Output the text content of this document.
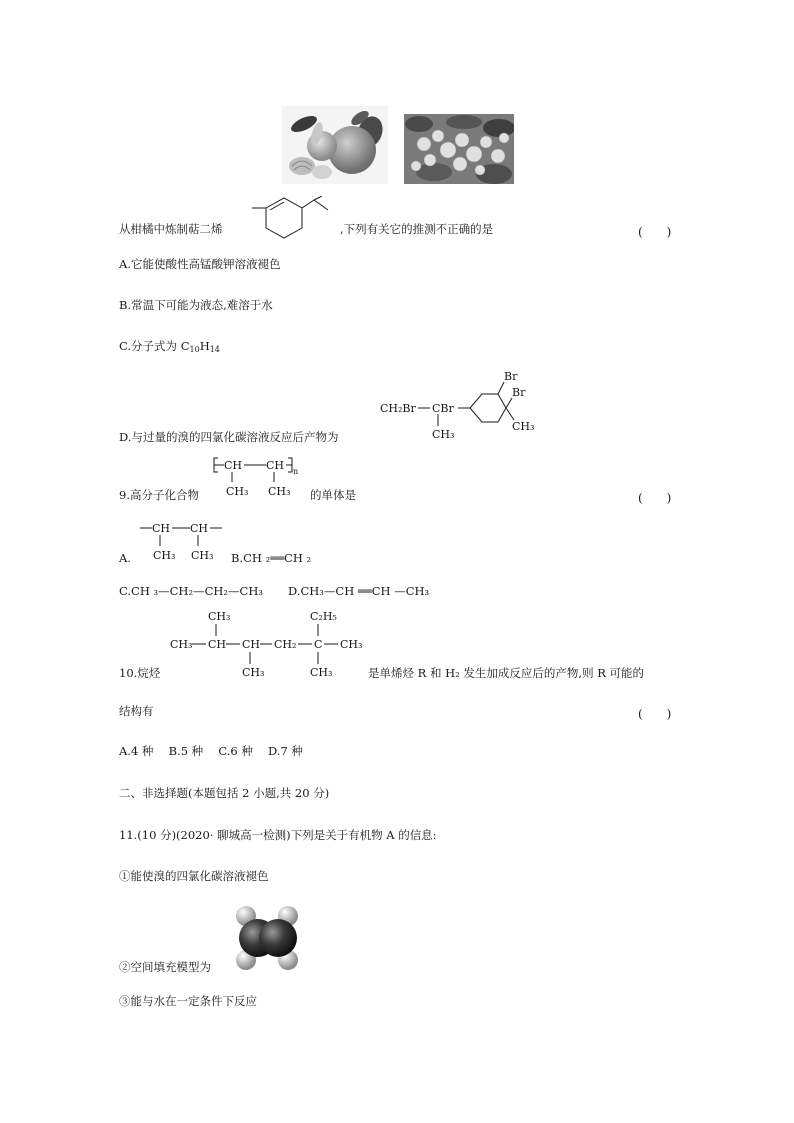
从柑橘中炼制萜二烯	,下列有关它的推测不正确的是	(　　)
A.它能使酸性高锰酸钾溶液褪色
B.常温下可能为液态,难溶于水
C.分子式为 $C_{10}H_{14}$
D.与过量的溴的四氯化碳溶液反应后产物为
CH₂Br CBr
CH₃
Br
Br
CH₃
CH CH n
CH₃ CH₃
9.高分子化合物	的单体是	(　　)
A.
CH CH
CH₃ CH₃ B.CH ₂══CH ₂
C.CH ₃—CH₂—CH₂—CH₃ D.CH₃—CH ══CH —CH₃
CH₃	C₂H₅
CH₃ CH CH CH₂ C CH₃
CH₃	CH₃
10.烷烃	是单烯烃 R 和 H₂ 发生加成反应后的产物,则 R 可能的
结构有	(　　)
A.4 种　 B.5 种　 C.6 种　 D.7 种
二、非选择题(本题包括 2 小题,共 20 分)
11.(10 分)(2020· 聊城高一检测)下列是关于有机物 A 的信息:
①能使溴的四氯化碳溶液褪色
②空间填充模型为
③能与水在一定条件下反应
